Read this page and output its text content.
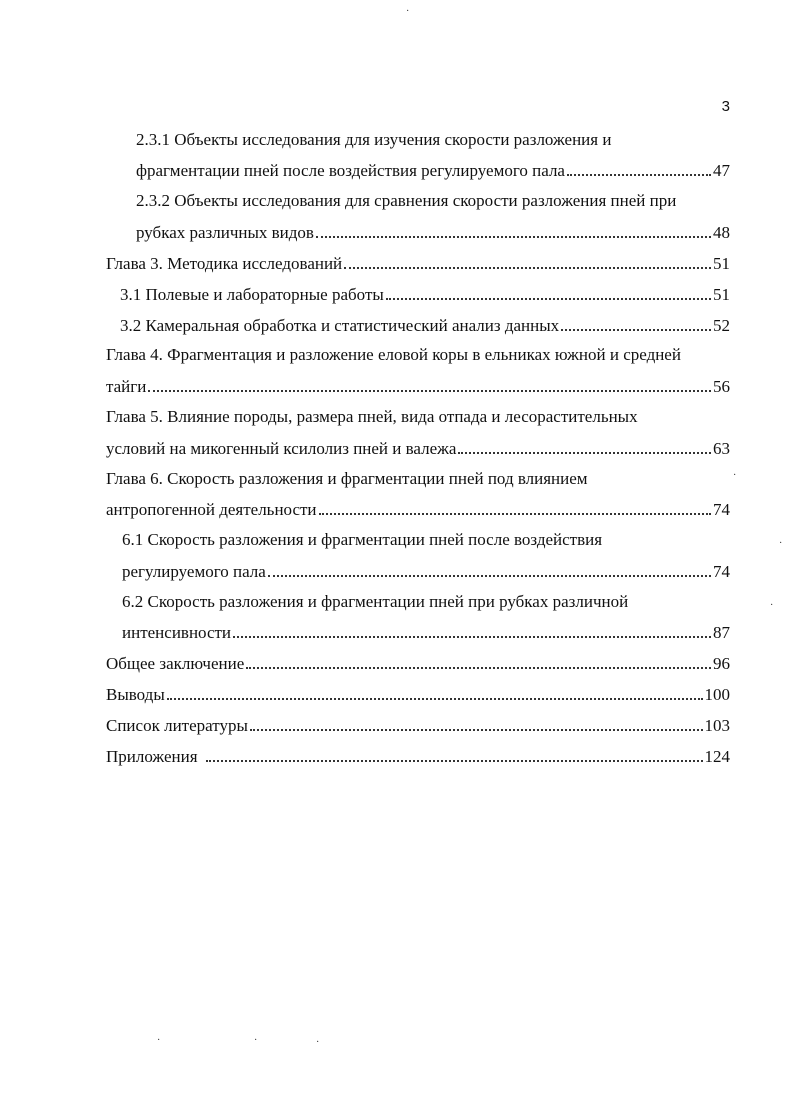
3
2.3.1 Объекты исследования для изучения скорости разложения и
фрагментации пней после воздействия регулируемого пала	47
2.3.2 Объекты исследования для сравнения скорости разложения пней при
рубках различных видов	48
Глава 3. Методика исследований	51
3.1 Полевые и лабораторные работы	51
3.2 Камеральная обработка и статистический анализ данных	52
Глава 4. Фрагментация и разложение еловой коры в ельниках южной и средней
тайги	56
Глава 5. Влияние породы, размера пней, вида отпада и лесорастительных
условий на микогенный ксилолиз пней и валежа	63
Глава 6. Скорость разложения и фрагментации пней под влиянием
антропогенной деятельности	74
6.1 Скорость разложения и фрагментации пней после воздействия
регулируемого пала	74
6.2 Скорость разложения и фрагментации пней при рубках различной
интенсивности	87
Общее заключение	96
Выводы	100
Список литературы	103
Приложения	124
·
·
·
·
·	·	·
